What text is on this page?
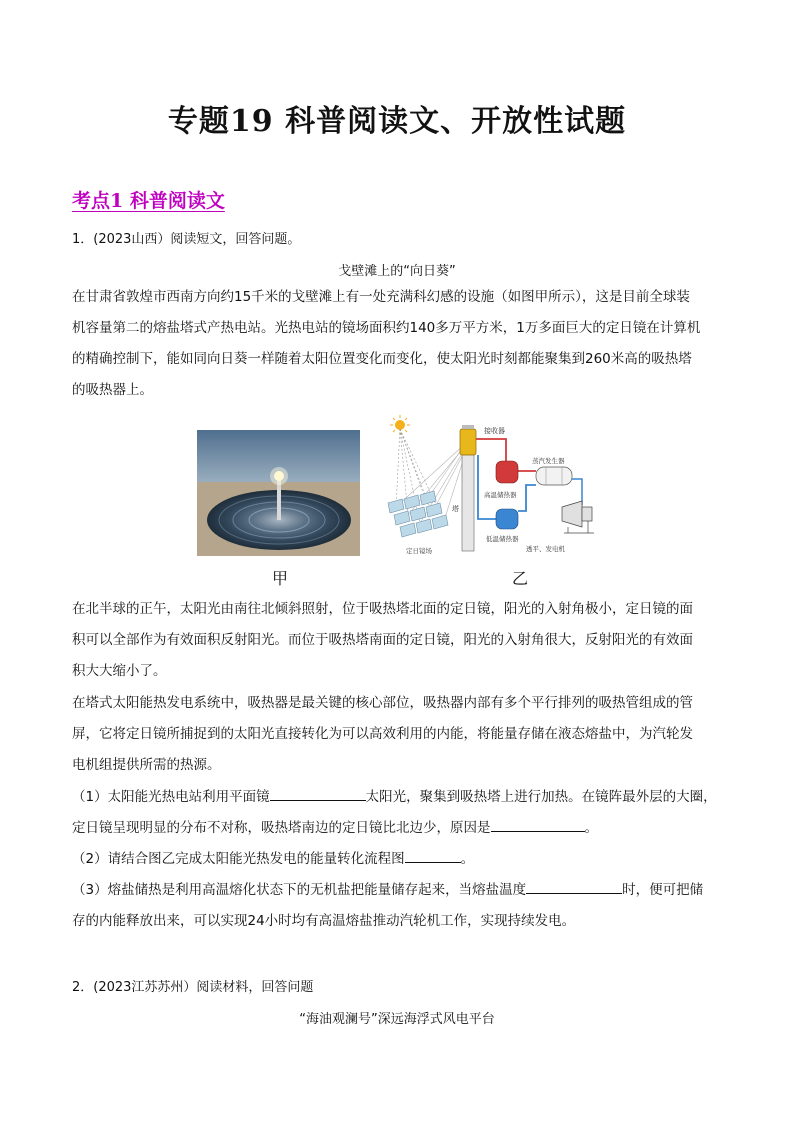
专题19 科普阅读文、开放性试题
考点1 科普阅读文
1．(2023山西）阅读短文，回答问题。
戈壁滩上的“向日葵”
在甘肃省敦煌市西南方向约15千米的戈壁滩上有一处充满科幻感的设施（如图甲所示），这是目前全球装
机容量第二的熔盐塔式产热电站。光热电站的镜场面积约140多万平方米，1万多面巨大的定日镜在计算机
的精确控制下，能如同向日葵一样随着太阳位置变化而变化，使太阳光时刻都能聚集到260米高的吸热塔
的吸热器上。
塔
接收器
高温储热器
低温储热器
蒸汽发生器
透平、发电机
定日镜场
甲	乙
在北半球的正午，太阳光由南往北倾斜照射，位于吸热塔北面的定日镜，阳光的入射角极小，定日镜的面
积可以全部作为有效面积反射阳光。而位于吸热塔南面的定日镜，阳光的入射角很大，反射阳光的有效面
积大大缩小了。
在塔式太阳能热发电系统中，吸热器是最关键的核心部位，吸热器内部有多个平行排列的吸热管组成的管
屏，它将定日镜所捕捉到的太阳光直接转化为可以高效利用的内能，将能量存储在液态熔盐中，为汽轮发
电机组提供所需的热源。
（1）太阳能光热电站利用平面镜	太阳光，聚集到吸热塔上进行加热。在镜阵最外层的大圈，
定日镜呈现明显的分布不对称，吸热塔南边的定日镜比北边少，原因是	。
（2）请结合图乙完成太阳能光热发电的能量转化流程图	。
（3）熔盐储热是利用高温熔化状态下的无机盐把能量储存起来，当熔盐温度	时，便可把储
存的内能释放出来，可以实现24小时均有高温熔盐推动汽轮机工作，实现持续发电。
2．(2023江苏苏州）阅读材料，回答问题
“海油观澜号”深远海浮式风电平台
